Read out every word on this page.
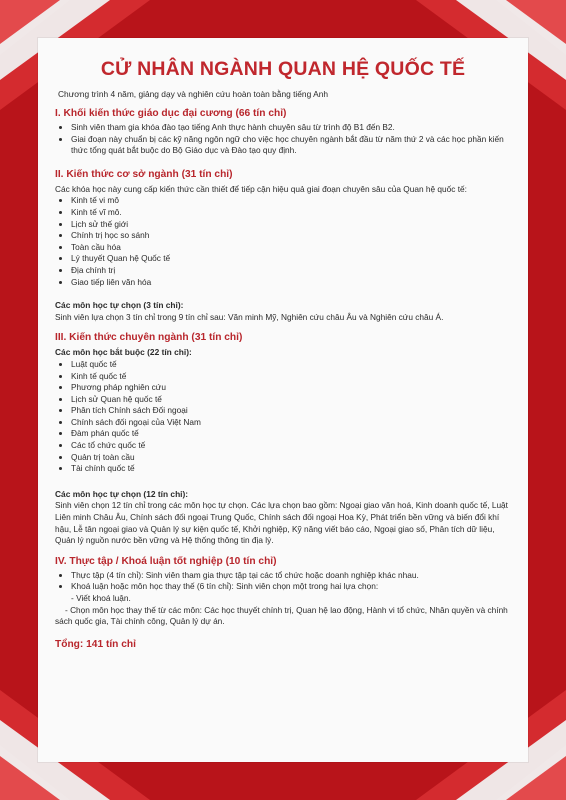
CỬ NHÂN NGÀNH QUAN HỆ QUỐC TẾ
Chương trình 4 năm, giảng dạy và nghiên cứu hoàn toàn bằng tiếng Anh
I. Khối kiến thức giáo dục đại cương (66 tín chỉ)
• Sinh viên tham gia khóa đào tạo tiếng Anh thực hành chuyên sâu từ trình độ B1 đến B2.
• Giai đoạn này chuẩn bị các kỹ năng ngôn ngữ cho việc học chuyên ngành bắt đầu từ năm thứ 2 và các học phần kiến thức tổng quát bắt buộc do Bộ Giáo dục và Đào tạo quy định.
II. Kiến thức cơ sở ngành (31 tín chỉ)

Các khóa học này cung cấp kiến thức cần thiết để tiếp cận hiệu quả giai đoạn chuyên sâu của Quan hệ quốc tế:

• Kinh tế vi mô
• Kinh tế vĩ mô.
• Lịch sử thế giới
• Chính trị học so sánh
• Toàn cầu hóa
• Lý thuyết Quan hệ Quốc tế
• Địa chính trị
• Giao tiếp liên văn hóa

Các môn học tự chọn (3 tín chỉ):

Sinh viên lựa chọn 3 tín chỉ trong 9 tín chỉ sau: Văn minh Mỹ, Nghiên cứu châu Âu và Nghiên cứu châu Á.

III. Kiến thức chuyên ngành (31 tín chỉ)

Các môn học bắt buộc (22 tín chỉ):

• Luật quốc tế
• Kinh tế quốc tế
• Phương pháp nghiên cứu
• Lịch sử Quan hệ quốc tế
• Phân tích Chính sách Đối ngoại
• Chính sách đối ngoại của Việt Nam
• Đàm phán quốc tế
• Các tổ chức quốc tế
• Quản trị toàn cầu
• Tài chính quốc tế

Các môn học tự chọn (12 tín chỉ):

Sinh viên chọn 12 tín chỉ trong các môn học tự chọn. Các lựa chọn bao gồm: Ngoại giao văn hoá, Kinh doanh quốc tế, Luật Liên minh Châu Âu, Chính sách đối ngoại Trung Quốc, Chính sách đối ngoại Hoa Kỳ, Phát triển bền vững và biến đổi khí hậu, Lễ tân ngoại giao và Quản lý sự kiện quốc tế, Khởi nghiệp, Kỹ năng viết báo cáo, Ngoại giao số, Phân tích dữ liệu, Quản lý nguồn nước bền vững và Hệ thống thông tin địa lý.

IV. Thực tập / Khoá luận tốt nghiệp (10 tín chỉ)
• Thực tập (4 tín chỉ): Sinh viên tham gia thực tập tại các tổ chức hoặc doanh nghiệp khác nhau.
• Khoá luận hoặc môn học thay thế (6 tín chỉ): Sinh viên chọn một trong hai lựa chọn:
- Viết khoá luận.
- Chọn môn học thay thế từ các môn: Các học thuyết chính trị, Quan hệ lao động, Hành vi tổ chức, Nhân quyền và chính sách quốc gia, Tài chính công, Quản lý dự án.
Tổng: 141 tín chỉ
